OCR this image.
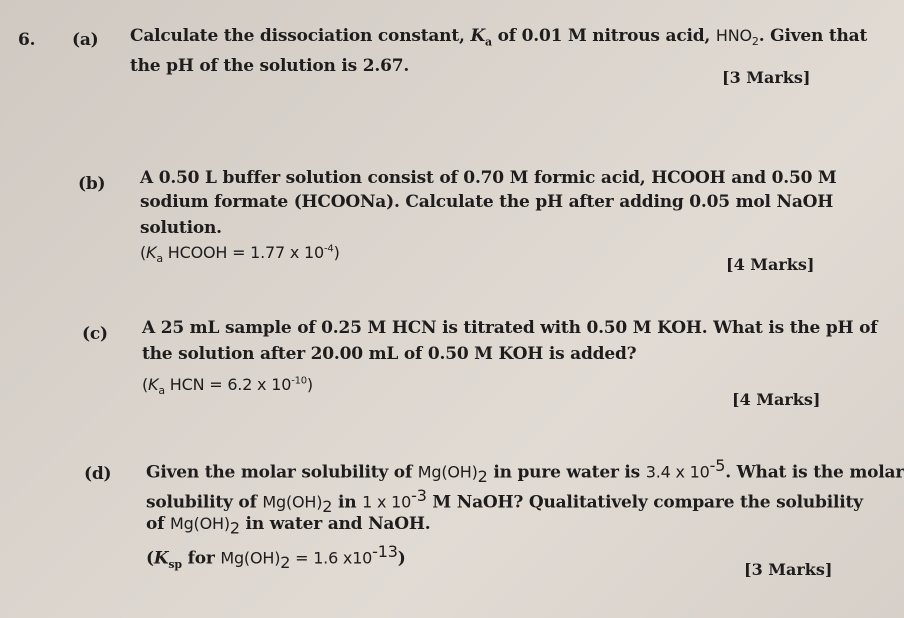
6. (a) Calculate the dissociation constant, $K_a$ of 0.01 M nitrous acid, $HNO_2$. Given that
the pH of the solution is 2.67.
[3 Marks]
(b) A 0.50 L buffer solution consist of 0.70 M formic acid, HCOOH and 0.50 M
sodium formate (HCOONa). Calculate the pH after adding 0.05 mol NaOH
solution.
($K_a$ HCOOH = 1.77 x $10^{-4}$)
[4 Marks]
(c) A 25 mL sample of 0.25 M HCN is titrated with 0.50 M KOH. What is the pH of
the solution after 20.00 mL of 0.50 M KOH is added?
($K_a$ HCN = 6.2 x $10^{-10}$)
[4 Marks]
(d) Given the molar solubility of $Mg(OH)_2$ in pure water is 3.4 x $10^{-5}$. What is the molar
solubility of $Mg(OH)_2$ in 1 x $10^{-3}$ M NaOH? Qualitatively compare the solubility
of $Mg(OH)_2$ in water and NaOH.
($K_{sp}$ for $Mg(OH)_2 = 1.6$ $x10^{-13}$)
[3 Marks]
